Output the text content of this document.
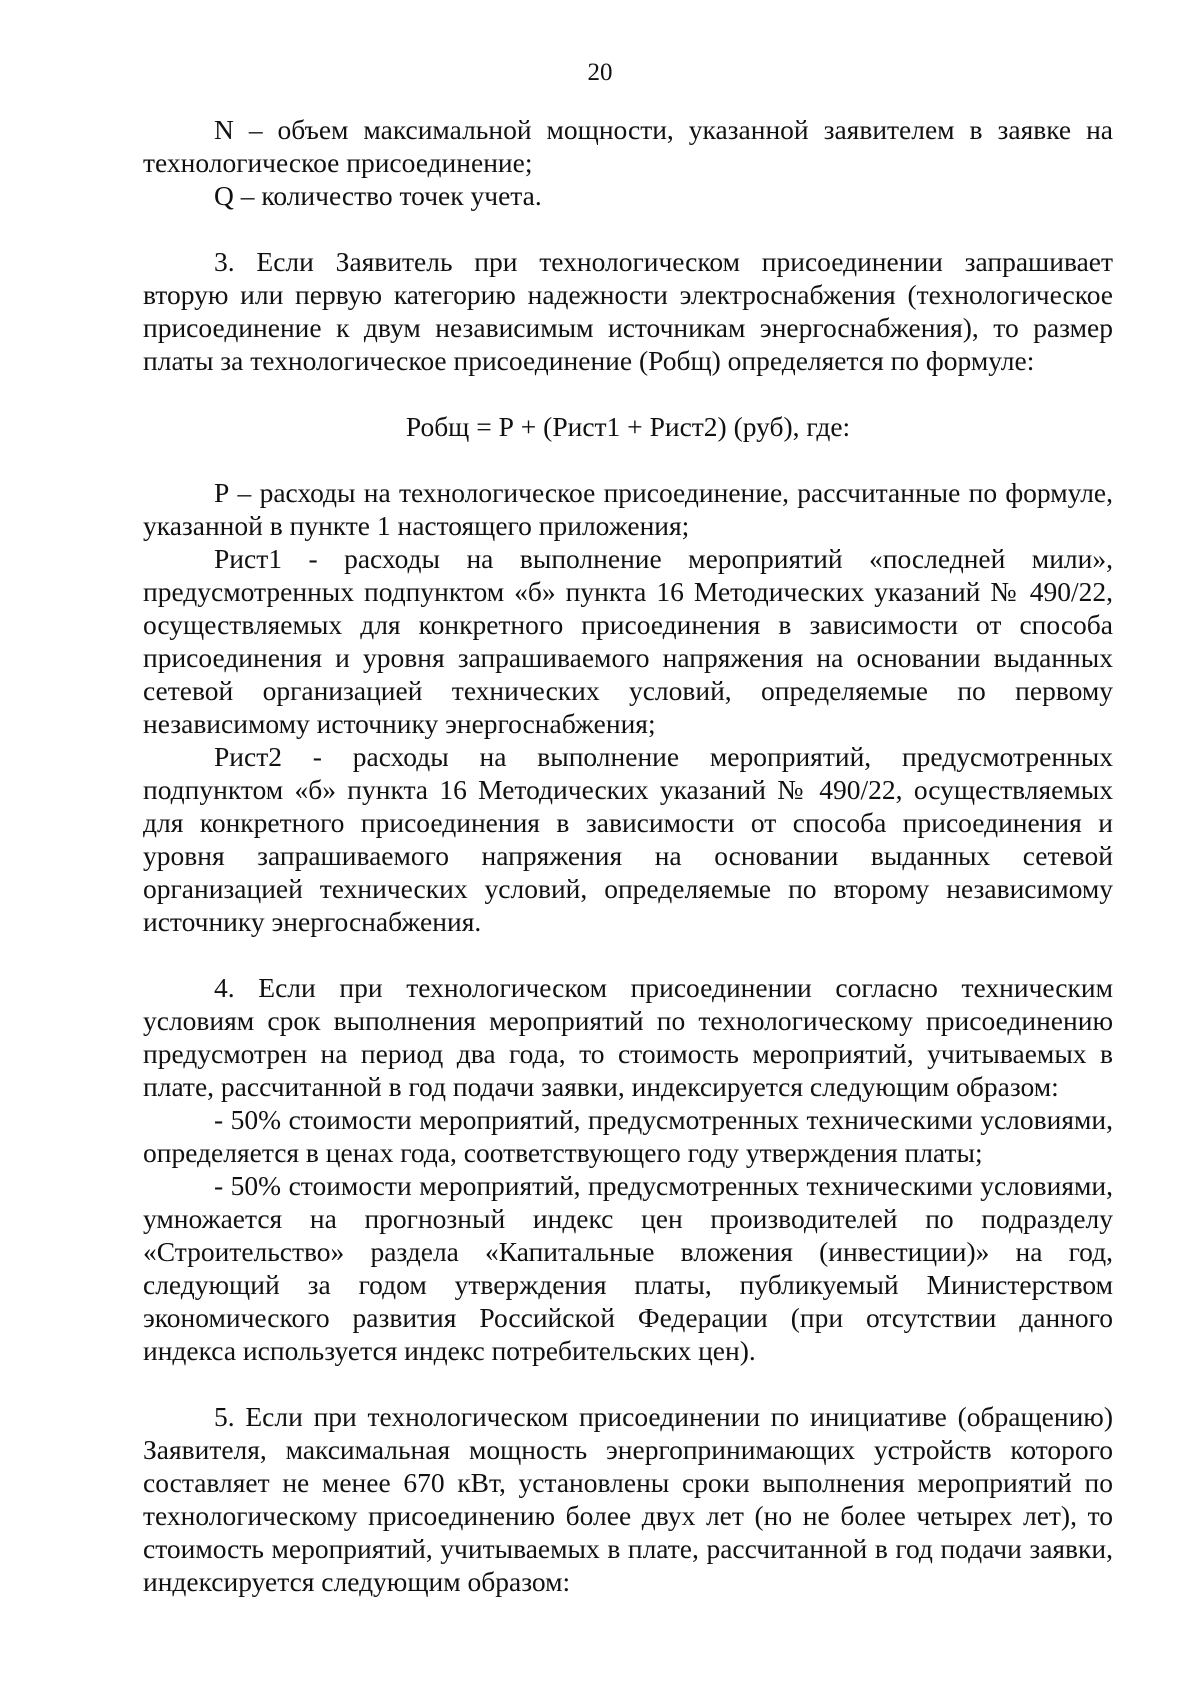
20

N – объем максимальной мощности, указанной заявителем в заявке на технологическое присоединение;

Q – количество точек учета.

3. Если Заявитель при технологическом присоединении запрашивает вторую или первую категорию надежности электроснабжения (технологическое присоединение к двум независимым источникам энергоснабжения), то размер платы за технологическое присоединение (Робщ) определяется по формуле:

Робщ = Р + (Рист1 + Рист2) (руб), где:

Р – расходы на технологическое присоединение, рассчитанные по формуле, указанной в пункте 1 настоящего приложения;

Рист1 - расходы на выполнение мероприятий «последней мили», предусмотренных подпунктом «б» пункта 16 Методических указаний № 490/22, осуществляемых для конкретного присоединения в зависимости от способа присоединения и уровня запрашиваемого напряжения на основании выданных сетевой организацией технических условий, определяемые по первому независимому источнику энергоснабжения;

Рист2 - расходы на выполнение мероприятий, предусмотренных подпунктом «б» пункта 16 Методических указаний № 490/22, осуществляемых для конкретного присоединения в зависимости от способа присоединения и уровня запрашиваемого напряжения на основании выданных сетевой организацией технических условий, определяемые по второму независимому источнику энергоснабжения.

4. Если при технологическом присоединении согласно техническим условиям срок выполнения мероприятий по технологическому присоединению предусмотрен на период два года, то стоимость мероприятий, учитываемых в плате, рассчитанной в год подачи заявки, индексируется следующим образом:

- 50% стоимости мероприятий, предусмотренных техническими условиями, определяется в ценах года, соответствующего году утверждения платы;

- 50% стоимости мероприятий, предусмотренных техническими условиями, умножается на прогнозный индекс цен производителей по подразделу «Строительство» раздела «Капитальные вложения (инвестиции)» на год, следующий за годом утверждения платы, публикуемый Министерством экономического развития Российской Федерации (при отсутствии данного индекса используется индекс потребительских цен).

5. Если при технологическом присоединении по инициативе (обращению) Заявителя, максимальная мощность энергопринимающих устройств которого составляет не менее 670 кВт, установлены сроки выполнения мероприятий по технологическому присоединению более двух лет (но не более четырех лет), то стоимость мероприятий, учитываемых в плате, рассчитанной в год подачи заявки, индексируется следующим образом:
